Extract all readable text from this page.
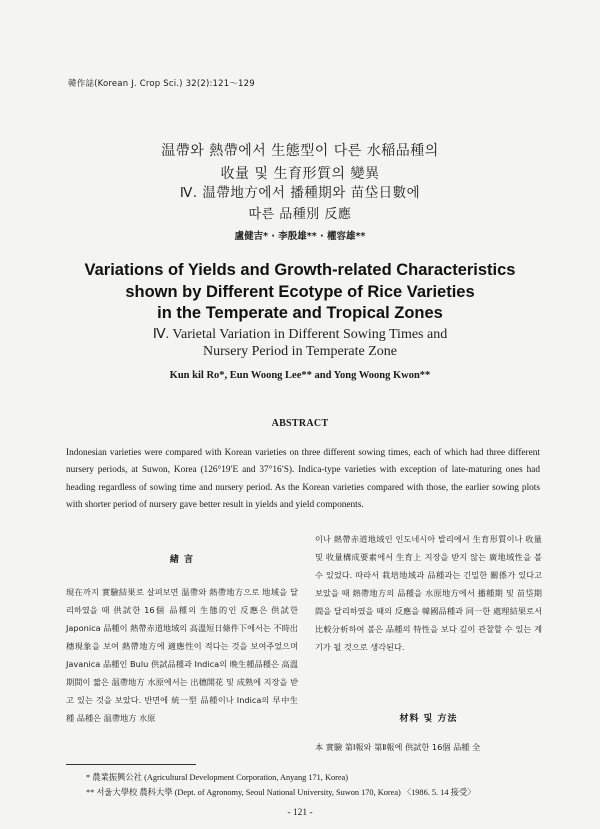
韓作誌(Korean J. Crop Sci.) 32(2):121～129
温帶와 熱帶에서 生態型이 다른 水稲品種의
收量 및 生育形質의 變異
Ⅳ. 温帶地方에서 播種期와 苗垈日數에
따른 品種別 反應
盧健吉* · 李殷雄** · 權容雄**
Variations of Yields and Growth-related Characteristics
shown by Different Ecotype of Rice Varieties
in the Temperate and Tropical Zones
Ⅳ. Varietal Variation in Different Sowing Times and
Nursery Period in Temperate Zone
Kun kil Ro*, Eun Woong Lee** and Yong Woong Kwon**
ABSTRACT

Indonesian varieties were compared with Korean varieties on three different sowing times, each of which had three different nursery periods, at Suwon, Korea (126°19′E and 37°16′S). Indica-type varieties with exception of late-maturing ones had heading regardless of sowing time and nursery period. As the Korean varieties compared with those, the earlier sowing plots with shorter period of nursery gave better result in yields and yield components.

緖 言

現在까지 實驗結果로 살펴보면 温帶와 熱帶地方으로 地域을 달리하였을 때 供試한 16個 品種의 生態的인 反應은 供試한 Japonica 品種이 熱帶赤道地域의 高溫短日條件下에서는 不時出穗現象을 보여 熱帶地方에 適應性이 적다는 것을 보여주었으며 Javanica 品種인 Bulu 供試品種과 Indica의 晩生種品種은 高溫期間이 짧은 温帶地方 水原에서는 出穗開花 및 成熟에 지장을 받고 있는 것을 보았다. 반면에 統一型 品種이나 Indica의 早中生種 品種은 温帶地方 水原

이나 熱帶赤道地域인 인도네시아 발리에서 生育形質이나 收量 및 收量構成要素에서 生育上 지장을 받지 않는 廣地域性을 볼 수 있었다. 따라서 栽培地域과 品種과는 긴밀한 關係가 있다고 보았을 때 熱帶地方의 品種을 水原地方에서 播種期 및 苗垈期間을 달리하였을 때의 反應을 韓國品種과 同一한 處理結果로서 比較分析하여 볼은 品種의 特性을 보다 깊이 관찰할 수 있는 계기가 될 것으로 생각된다.

材料 및 方法

本 實驗 第Ⅰ報와 第Ⅱ報에 供試한 16個 品種 全

* 農業振興公社 (Agricultural Development Corporation, Anyang 171, Korea)
** 서울大學校 農科大學 (Dept. of Agronomy, Seoul National University, Suwon 170, Korea) 〈1986. 5. 14 接受〉
- 121 -
